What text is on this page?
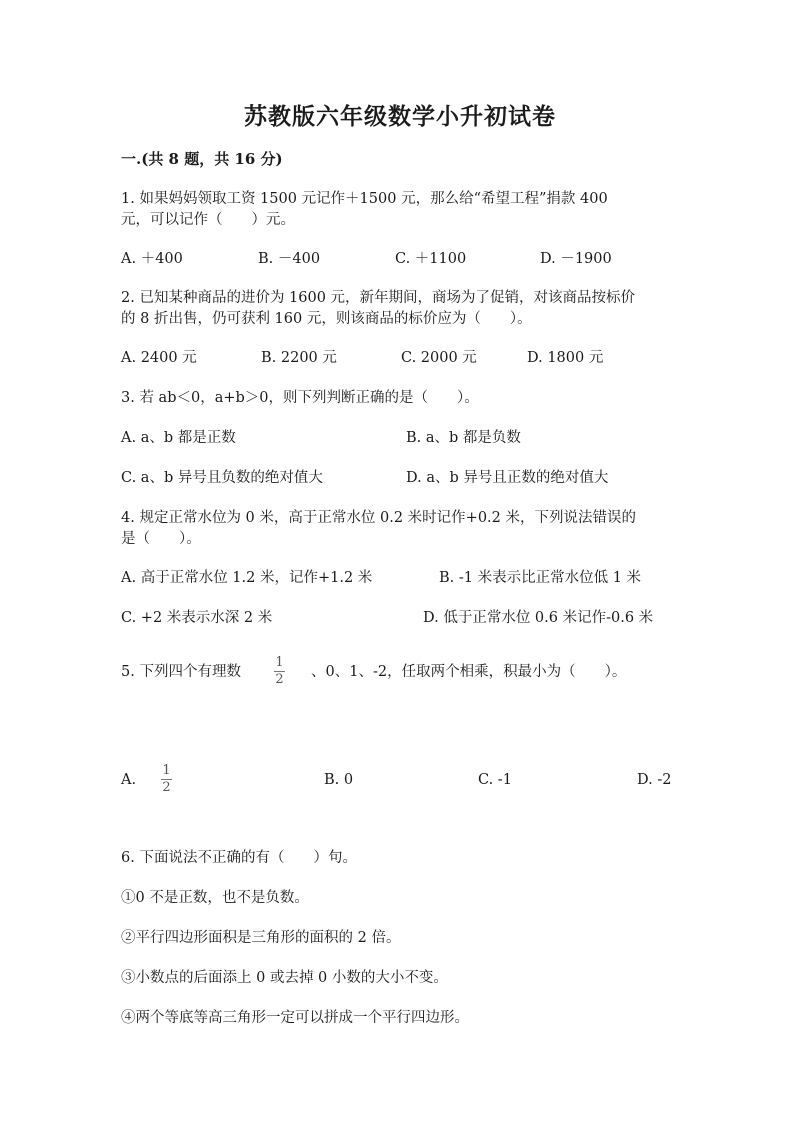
苏教版六年级数学小升初试卷
一.(共 8 题，共 16 分)
1. 如果妈妈领取工资 1500 元记作＋1500 元，那么给“希望工程”捐款 400
元，可以记作（　　）元。
A. ＋400	B. －400	C. ＋1100	D. －1900
2. 已知某种商品的进价为 1600 元，新年期间，商场为了促销，对该商品按标价
的 8 折出售，仍可获利 160 元，则该商品的标价应为（　　）。
A. 2400 元	B. 2200 元	C. 2000 元	D. 1800 元
3. 若 ab＜0，a+b＞0，则下列判断正确的是（　　）。
A. a、b 都是正数	B. a、b 都是负数
C. a、b 异号且负数的绝对值大	D. a、b 异号且正数的绝对值大
4. 规定正常水位为 0 米，高于正常水位 0.2 米时记作+0.2 米，下列说法错误的
是（　　）。
A. 高于正常水位 1.2 米，记作+1.2 米	B. -1 米表示比正常水位低 1 米
C. +2 米表示水深 2 米	D. 低于正常水位 0.6 米记作-0.6 米
5. 下列四个有理数
1
2 、0、1、-2，任取两个相乘，积最小为（　　）。
A.
1
2	B. 0	C. -1	D. -2
6. 下面说法不正确的有（　　）句。
①0 不是正数，也不是负数。
②平行四边形面积是三角形的面积的 2 倍。
③小数点的后面添上 0 或去掉 0 小数的大小不变。
④两个等底等高三角形一定可以拼成一个平行四边形。
